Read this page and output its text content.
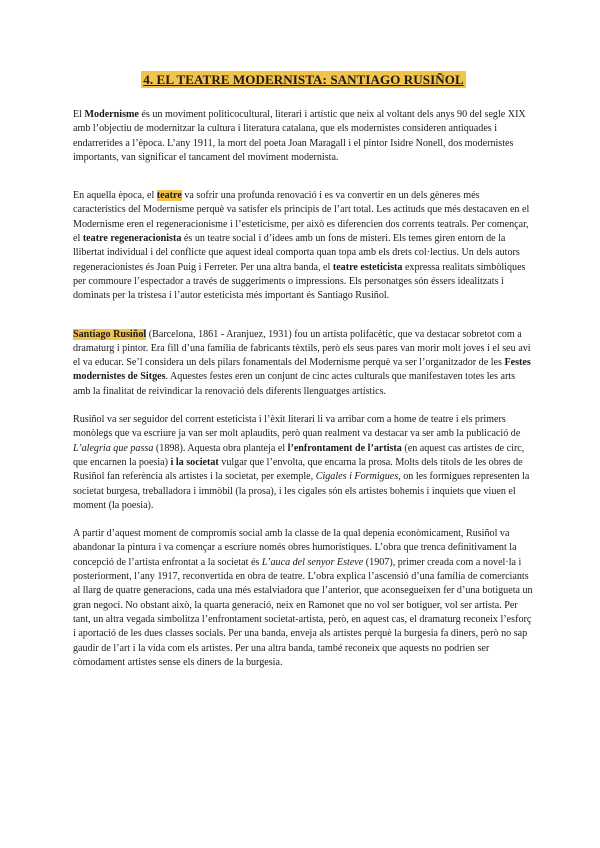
4. EL TEATRE MODERNISTA: SANTIAGO RUSIÑOL

El Modernisme és un moviment politicocultural, literari i artístic que neix al voltant dels anys 90 del segle XIX amb l’objectiu de modernitzar la cultura i literatura catalana, que els modernistes consideren antiquades i endarrerides a l’època. L’any 1911, la mort del poeta Joan Maragall i el pintor Isidre Nonell, dos modernistes importants, van significar el tancament del moviment modernista.

En aquella època, el teatre va sofrir una profunda renovació i es va convertir en un dels gèneres més característics del Modernisme perquè va satisfer els principis de l’art total. Les actituds que més destacaven en el Modernisme eren el regeneracionisme i l’esteticisme, per això es diferencien dos corrents teatrals. Per començar, el teatre regeneracionista és un teatre social i d’idees amb un fons de misteri. Els temes giren entorn de la llibertat individual i del conflicte que aquest ideal comporta quan topa amb els drets col·lectius. Un dels autors regeneracionistes és Joan Puig i Ferreter. Per una altra banda, el teatre esteticista expressa realitats simbòliques per commoure l’espectador a través de suggeriments o impressions. Els personatges són éssers idealitzats i dominats per la tristesa i l’autor esteticista més important és Santiago Rusiñol.

Santiago Rusiñol (Barcelona, 1861 - Aranjuez, 1931) fou un artista polifacètic, que va destacar sobretot com a dramaturg i pintor. Era fill d’una família de fabricants tèxtils, però els seus pares van morir molt joves i el seu avi el va educar. Se’l considera un dels pilars fonamentals del Modernisme perquè va ser l’organitzador de les Festes modernistes de Sitges. Aquestes festes eren un conjunt de cinc actes culturals que manifestaven totes les arts amb la finalitat de reivindicar la renovació dels diferents llenguatges artístics.

Rusiñol va ser seguidor del corrent esteticista i l’èxit literari li va arribar com a home de teatre i els primers monòlegs que va escriure ja van ser molt aplaudits, però quan realment va destacar va ser amb la publicació de L’alegria que passa (1898). Aquesta obra planteja el l’enfrontament de l’artista (en aquest cas artistes de circ, que encarnen la poesia) i la societat vulgar que l’envolta, que encarna la prosa. Molts dels títols de les obres de Rusiñol fan referència als artistes i la societat, per exemple, Cigales i Formigues, on les formigues representen la societat burgesa, treballadora i immòbil (la prosa), i les cigales són els artistes bohemis i inquiets que viuen el moment (la poesia).

A partir d’aquest moment de compromís social amb la classe de la qual depenia econòmicament, Rusiñol va abandonar la pintura i va començar a escriure només obres humorístiques. L’obra que trenca definitivament la concepció de l’artista enfrontat a la societat és L’auca del senyor Esteve (1907), primer creada com a novel·la i posteriorment, l’any 1917, reconvertida en obra de teatre. L’obra explica l’ascensió d’una família de comerciants al llarg de quatre generacions, cada una més estalviadora que l’anterior, que aconsegueixen fer d’una botigueta un gran negoci. No obstant això, la quarta generació, neix en Ramonet que no vol ser botiguer, vol ser artista. Per tant, un altra vegada simbolitza l’enfrontament societat-artista, però, en aquest cas, el dramaturg reconeix l’esforç i aportació de les dues classes socials. Per una banda, enveja als artistes perquè la burgesia fa diners, però no sap gaudir de l’art i la vida com els artistes. Per una altra banda, també reconeix que aquests no podrien ser còmodament artistes sense els diners de la burgesia.
